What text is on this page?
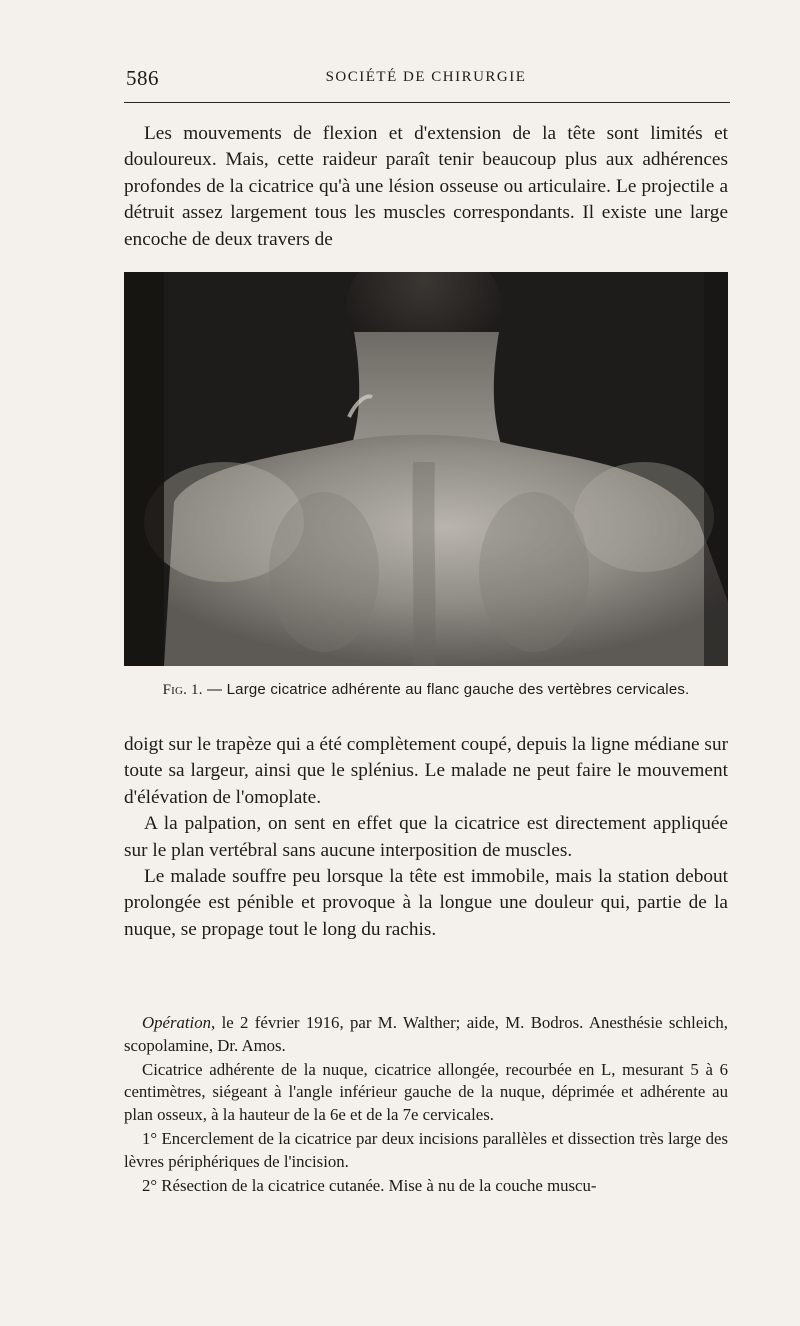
586	SOCIÉTÉ DE CHIRURGIE

Les mouvements de flexion et d'extension de la tête sont limités et douloureux. Mais, cette raideur paraît tenir beaucoup plus aux adhérences profondes de la cicatrice qu'à une lésion osseuse ou articulaire. Le projectile a détruit assez largement tous les muscles correspondants. Il existe une large encoche de deux travers de

Fig. 1. — Large cicatrice adhérente au flanc gauche des vertèbres cervicales.

doigt sur le trapèze qui a été complètement coupé, depuis la ligne médiane sur toute sa largeur, ainsi que le splénius. Le malade ne peut faire le mouvement d'élévation de l'omoplate.

A la palpation, on sent en effet que la cicatrice est directement appliquée sur le plan vertébral sans aucune interposition de muscles.

Le malade souffre peu lorsque la tête est immobile, mais la station debout prolongée est pénible et provoque à la longue une douleur qui, partie de la nuque, se propage tout le long du rachis.

Opération, le 2 février 1916, par M. Walther; aide, M. Bodros. Anesthésie schleich, scopolamine, Dr. Amos.

Cicatrice adhérente de la nuque, cicatrice allongée, recourbée en L, mesurant 5 à 6 centimètres, siégeant à l'angle inférieur gauche de la nuque, déprimée et adhérente au plan osseux, à la hauteur de la 6e et de la 7e cervicales.

1° Encerclement de la cicatrice par deux incisions parallèles et dissection très large des lèvres périphériques de l'incision.

2° Résection de la cicatrice cutanée. Mise à nu de la couche muscu-
